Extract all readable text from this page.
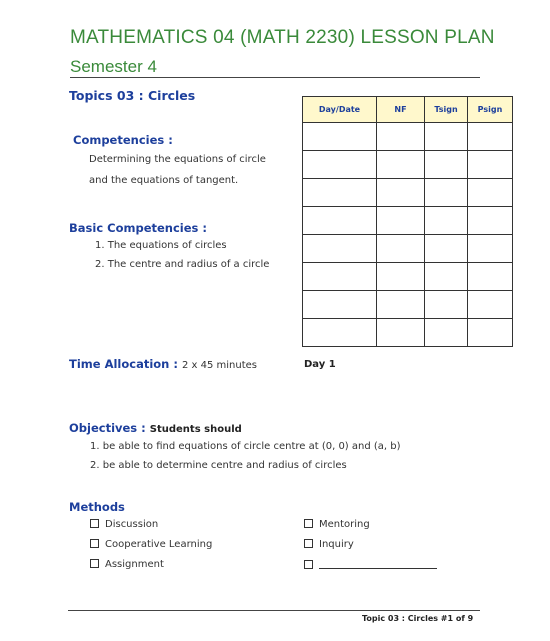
MATHEMATICS 04 (MATH 2230) LESSON PLAN
Semester 4
Topics 03 : Circles
Competencies :
Determining the equations of circle
and the equations of tangent.
Basic Competencies :
1. The equations of circles
2. The centre and radius of a circle
Day/Date	NF	Tsign	Psign

Time Allocation : 2 x 45 minutes	Day 1
Objectives : Students should
1. be able to find equations of circle centre at (0, 0) and (a, b)
2. be able to determine centre and radius of circles
Methods
Discussion
Cooperative Learning
Assignment
Mentoring
Inquiry
Topic 03 : Circles #1 of 9
